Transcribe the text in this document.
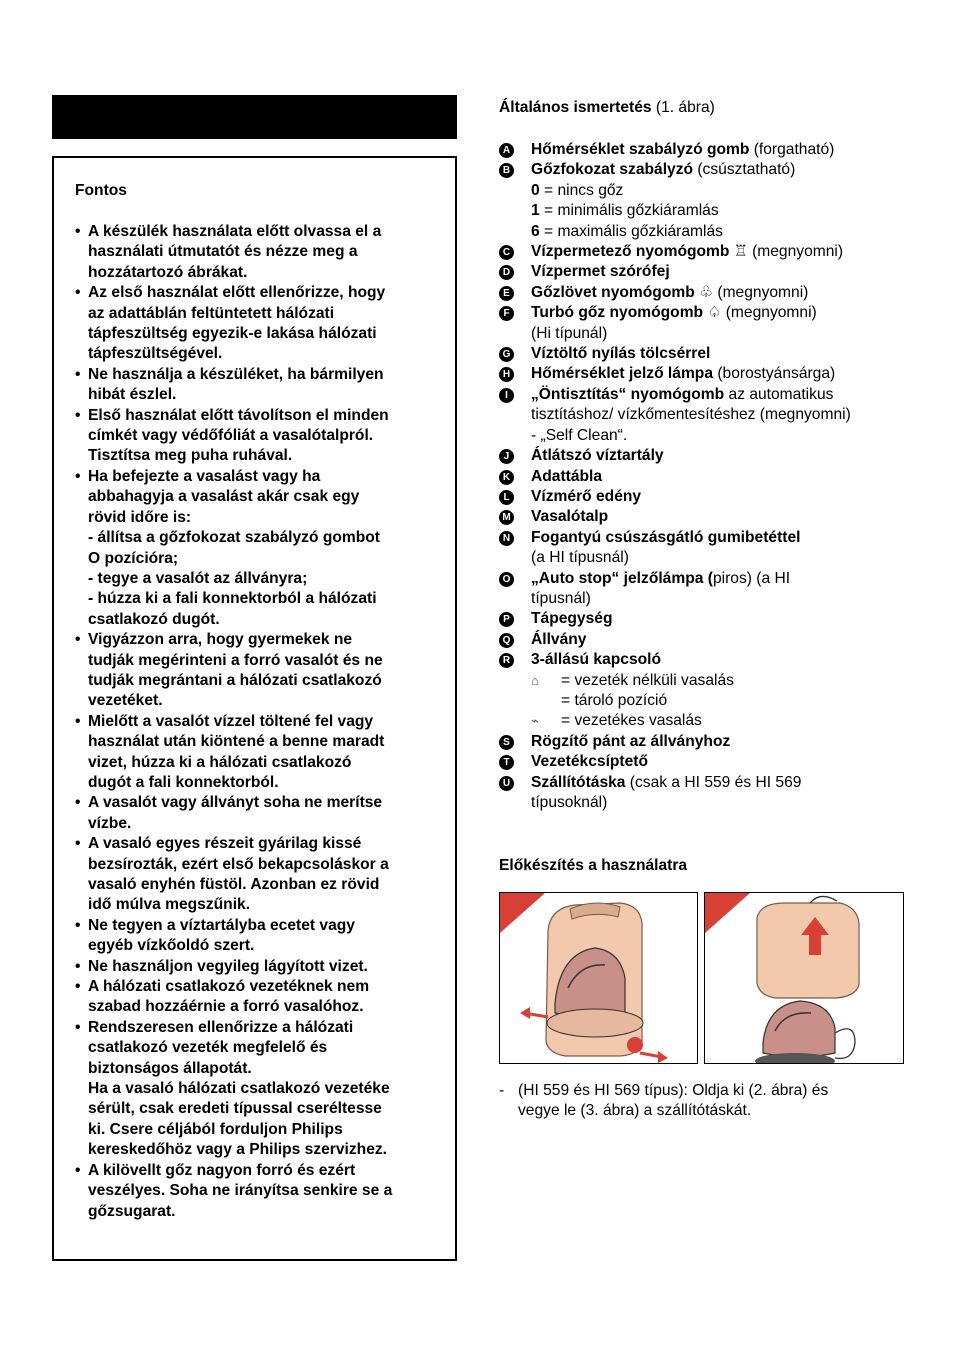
Fontos
• A készülék használata előtt olvassa el a
használati útmutatót és nézze meg a
hozzátartozó ábrákat.
• Az első használat előtt ellenőrizze, hogy
az adattáblán feltüntetett hálózati
tápfeszültség egyezik-e lakása hálózati
tápfeszültségével.
• Ne használja a készüléket, ha bármilyen
hibát észlel.
• Első használat előtt távolítson el minden
címkét vagy védőfóliát a vasalótalpról.
Tisztítsa meg puha ruhával.
• Ha befejezte a vasalást vagy ha
abbahagyja a vasalást akár csak egy
rövid időre is:
- állítsa a gőzfokozat szabályzó gombot
O pozícióra;
- tegye a vasalót az állványra;
- húzza ki a fali konnektorból a hálózati
csatlakozó dugót.
• Vigyázzon arra, hogy gyermekek ne
tudják megérinteni a forró vasalót és ne
tudják megrántani a hálózati csatlakozó
vezetéket.
• Mielőtt a vasalót vízzel töltené fel vagy
használat után kiöntené a benne maradt
vizet, húzza ki a hálózati csatlakozó
dugót a fali konnektorból.
• A vasalót vagy állványt soha ne merítse
vízbe.
• A vasaló egyes részeit gyárilag kissé
bezsírozták, ezért első bekapcsoláskor a
vasaló enyhén füstöl. Azonban ez rövid
idő múlva megszűnik.
• Ne tegyen a víztartályba ecetet vagy
egyéb vízkőoldó szert.
• Ne használjon vegyileg lágyított vizet.
• A hálózati csatlakozó vezetéknek nem
szabad hozzáérnie a forró vasalóhoz.
• Rendszeresen ellenőrizze a hálózati
csatlakozó vezeték megfelelő és
biztonságos állapotát.
Ha a vasaló hálózati csatlakozó vezetéke
sérült, csak eredeti típussal cseréltesse
ki. Csere céljából forduljon Philips
kereskedőhöz vagy a Philips szervizhez.
• A kilövellt gőz nagyon forró és ezért
veszélyes. Soha ne irányítsa senkire se a
gőzsugarat.
Általános ismertetés (1. ábra)
A Hőmérséklet szabályzó gomb (forgatható)
B Gőzfokozat szabályzó (csúsztatható)
0 = nincs gőz
1 = minimális gőzkiáramlás
6 = maximális gőzkiáramlás
C Vízpermetező nyomógomb ♖ (megnyomni)
D Vízpermet szórófej
E Gőzlövet nyomógomb ♧ (megnyomni)
F Turbó gőz nyomógomb ♤ (megnyomni)
(Hi típunál)
G Víztöltő nyílás tölcsérrel
H Hőmérséklet jelző lámpa (borostyánsárga)
I	„Öntisztítás“ nyomógomb az automatikus
tisztításhoz/ vízkőmentesítéshez (megnyomni)
- „Self Clean“.
J	Átlátszó víztartály
K Adattábla
L Vízmérő edény
M Vasalótalp
N Fogantyú csúszásgátló gumibetéttel
(a HI típusnál)
O „Auto stop“ jelzőlámpa (piros) (a HI
típusnál)
P Tápegység
Q Állvány
R 3-állású kapcsoló
⌂ = vezeték nélküli vasalás
= tároló pozíció
⌁ = vezetékes vasalás
S Rögzítő pánt az állványhoz
T Vezetékcsíptető
U Szállítótáska (csak a HI 559 és HI 569
típusoknál)
Előkészítés a használatra
- (HI 559 és HI 569 típus): Oldja ki (2. ábra) és
vegye le (3. ábra) a szállítótáskát.
